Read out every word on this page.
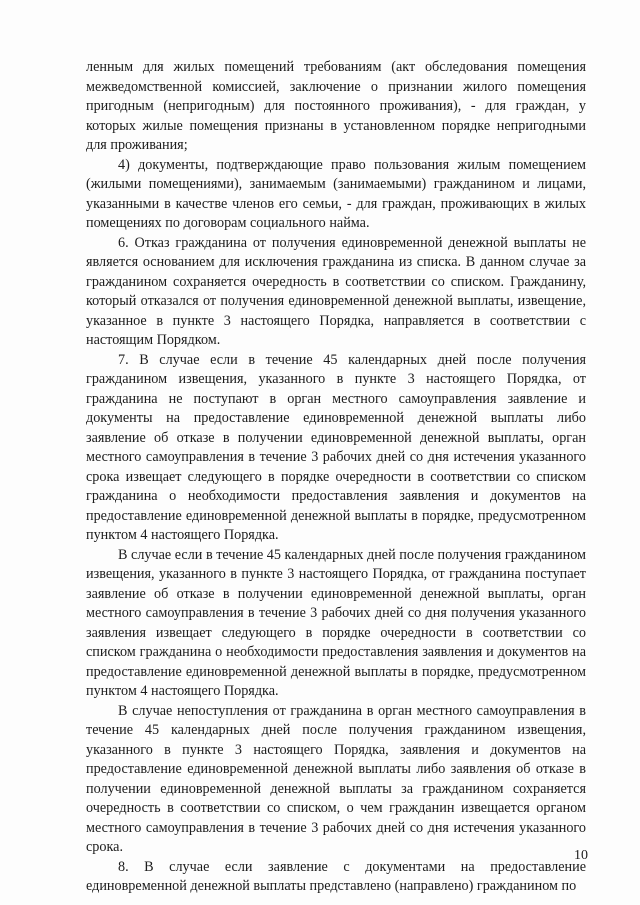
ленным для жилых помещений требованиям (акт обследования помещения межведомственной комиссией, заключение о признании жилого помещения пригодным (непригодным) для постоянного проживания), - для граждан, у которых жилые помещения признаны в установленном порядке непригодными для проживания;

4) документы, подтверждающие право пользования жилым помещением (жилыми помещениями), занимаемым (занимаемыми) гражданином и лицами, указанными в качестве членов его семьи, - для граждан, проживающих в жилых помещениях по договорам социального найма.

6. Отказ гражданина от получения единовременной денежной выплаты не является основанием для исключения гражданина из списка. В данном случае за гражданином сохраняется очередность в соответствии со списком. Гражданину, который отказался от получения единовременной денежной выплаты, извещение, указанное в пункте 3 настоящего Порядка, направляется в соответствии с настоящим Порядком.

7. В случае если в течение 45 календарных дней после получения гражданином извещения, указанного в пункте 3 настоящего Порядка, от гражданина не поступают в орган местного самоуправления заявление и документы на предоставление единовременной денежной выплаты либо заявление об отказе в получении единовременной денежной выплаты, орган местного самоуправления в течение 3 рабочих дней со дня истечения указанного срока извещает следующего в порядке очередности в соответствии со списком гражданина о необходимости предоставления заявления и документов на предоставление единовременной денежной выплаты в порядке, предусмотренном пунктом 4 настоящего Порядка.

В случае если в течение 45 календарных дней после получения гражданином извещения, указанного в пункте 3 настоящего Порядка, от гражданина поступает заявление об отказе в получении единовременной денежной выплаты, орган местного самоуправления в течение 3 рабочих дней со дня получения указанного заявления извещает следующего в порядке очередности в соответствии со списком гражданина о необходимости предоставления заявления и документов на предоставление единовременной денежной выплаты в порядке, предусмотренном пунктом 4 настоящего Порядка.

В случае непоступления от гражданина в орган местного самоуправления в течение 45 календарных дней после получения гражданином извещения, указанного в пункте 3 настоящего Порядка, заявления и документов на предоставление единовременной денежной выплаты либо заявления об отказе в получении единовременной денежной выплаты за гражданином сохраняется очередность в соответствии со списком, о чем гражданин извещается органом местного самоуправления в течение 3 рабочих дней со дня истечения указанного срока.

8. В случае если заявление с документами на предоставление единовременной денежной выплаты представлено (направлено) гражданином по

10
